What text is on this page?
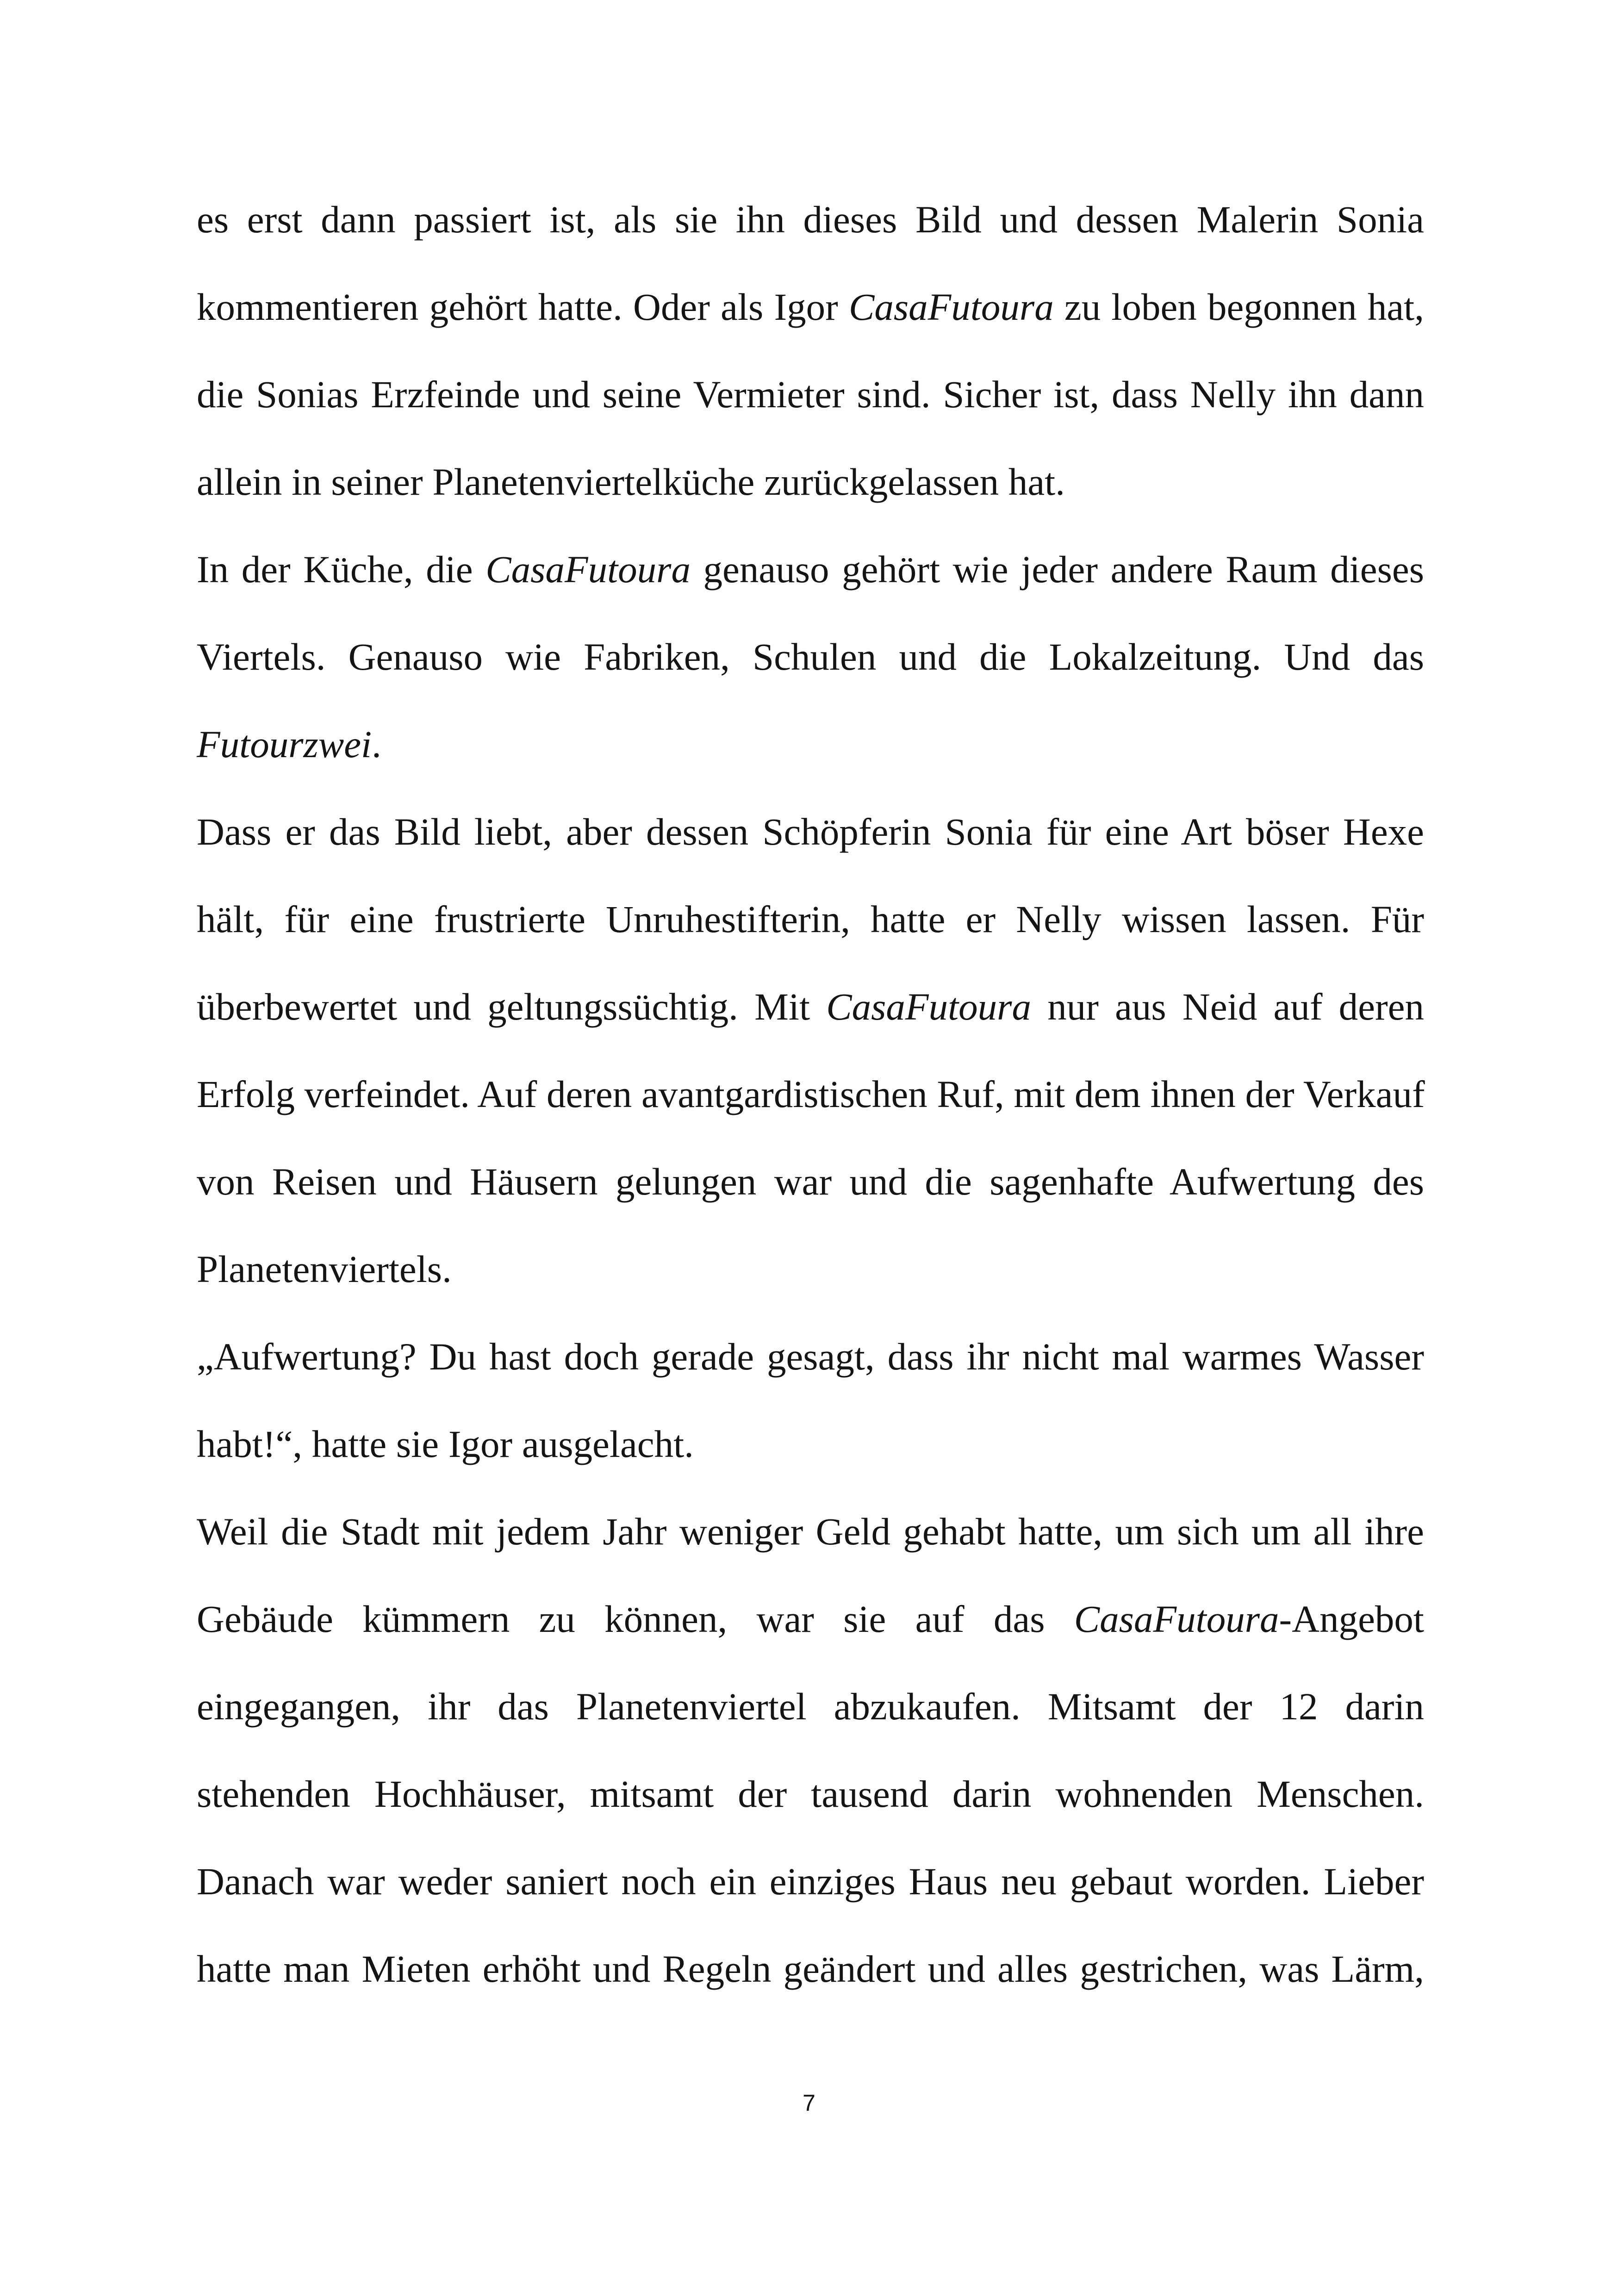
es erst dann passiert ist, als sie ihn dieses Bild und dessen Malerin Sonia
kommentieren gehört hatte. Oder als Igor CasaFutoura zu loben begonnen hat,
die Sonias Erzfeinde und seine Vermieter sind. Sicher ist, dass Nelly ihn dann
allein in seiner Planetenviertelküche zurückgelassen hat.
In der Küche, die CasaFutoura genauso gehört wie jeder andere Raum dieses
Viertels. Genauso wie Fabriken, Schulen und die Lokalzeitung. Und das
Futourzwei.
Dass er das Bild liebt, aber dessen Schöpferin Sonia für eine Art böser Hexe
hält, für eine frustrierte Unruhestifterin, hatte er Nelly wissen lassen. Für
überbewertet und geltungssüchtig. Mit CasaFutoura nur aus Neid auf deren
Erfolg verfeindet. Auf deren avantgardistischen Ruf, mit dem ihnen der Verkauf
von Reisen und Häusern gelungen war und die sagenhafte Aufwertung des
Planetenviertels.
„Aufwertung? Du hast doch gerade gesagt, dass ihr nicht mal warmes Wasser
habt!“, hatte sie Igor ausgelacht.
Weil die Stadt mit jedem Jahr weniger Geld gehabt hatte, um sich um all ihre
Gebäude kümmern zu können, war sie auf das CasaFutoura-Angebot
eingegangen, ihr das Planetenviertel abzukaufen. Mitsamt der 12 darin
stehenden Hochhäuser, mitsamt der tausend darin wohnenden Menschen.
Danach war weder saniert noch ein einziges Haus neu gebaut worden. Lieber
hatte man Mieten erhöht und Regeln geändert und alles gestrichen, was Lärm,
7
